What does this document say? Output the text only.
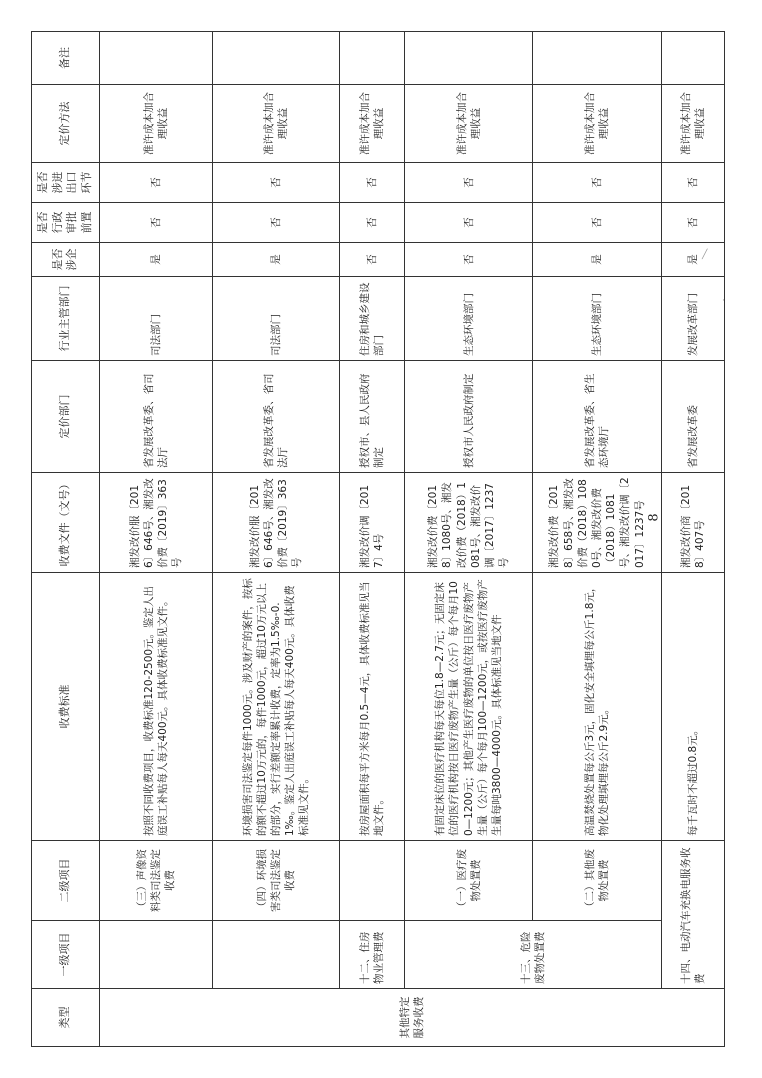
类型	一级项目	二级项目	收费标准	收费文件（文号）	定价部门	行业主管部门	是否涉企	是否行政审批前置	是否涉进出口环节	定价方法	备注
其他特定服务收费		（三）声像资料类司法鉴定收费	按照不同收费项目，收费标准120-2500元。鉴定人出庭误工补贴每人每天400元。具体收费标准见文件。	湘发改价服〔2016〕646号、湘发改价费〔2019〕363号	省发展改革委、省司法厅	司法部门	是	否	否	准许成本加合理收益	
		（四）环境损害类司法鉴定收费	环境损害司法鉴定每件1000元。涉及财产的案件，按标的额不超过10万元的，每件1000元，超过10万元以上的部分，实行差额定率累计收费，定率为1.5‰-0.1‰。鉴定人出庭误工补贴每人每天400元。具体收费标准见文件。	湘发改价服〔2016〕646号、湘发改价费〔2019〕363号	省发展改革委、省司法厅	司法部门	是	否	否	准许成本加合理收益	
	十二、住房物业管理费		按房屋面积每平方米每月0.5—4元，具体收费标准见当地文件。	湘发改价调〔2017〕4号	授权市、县人民政府制定	住房和城乡建设部门	否	否	否	准许成本加合理收益	
	十三、危险废物处置费	（一）医疗废物处置费	有固定床位的医疗机构每天每位1.8—2.7元；无固定床位的医疗机构按日医疗废物产生量（公斤）每个每月100—1200元；其他产生医疗废物的单位按日医疗废物产生量（公斤）每个每月100—1200元，或按医疗废物产生量每吨3800—4000元。具体标准见当地文件	湘发改价费〔2018〕1080号、湘发改价费（2018）1081号、湘发改价调〔2017〕1237号	授权市人民政府制定	生态环境部门	否	否	否	准许成本加合理收益	
		（二）其他废物处置费	高温焚烧处置每公斤3元，固化安全填埋每公斤1.8元，物化处理填埋每公斤2.9元。	湘发改价费〔2018〕658号、湘发改价费（2018）1080号、湘发改价费（2018）1081号、湘发改价调〔2017〕1237号	省发展改革委、省生态环境厅	生态环境部门	是	否	否	准许成本加合理收益	
	十四、电动汽车充换电服务收费		每千瓦时不超过0.8元。	湘发改价商〔2018〕407号	省发展改革委	发展改革部门	是	否	否	准许成本加合理收益	
8
╱
·
